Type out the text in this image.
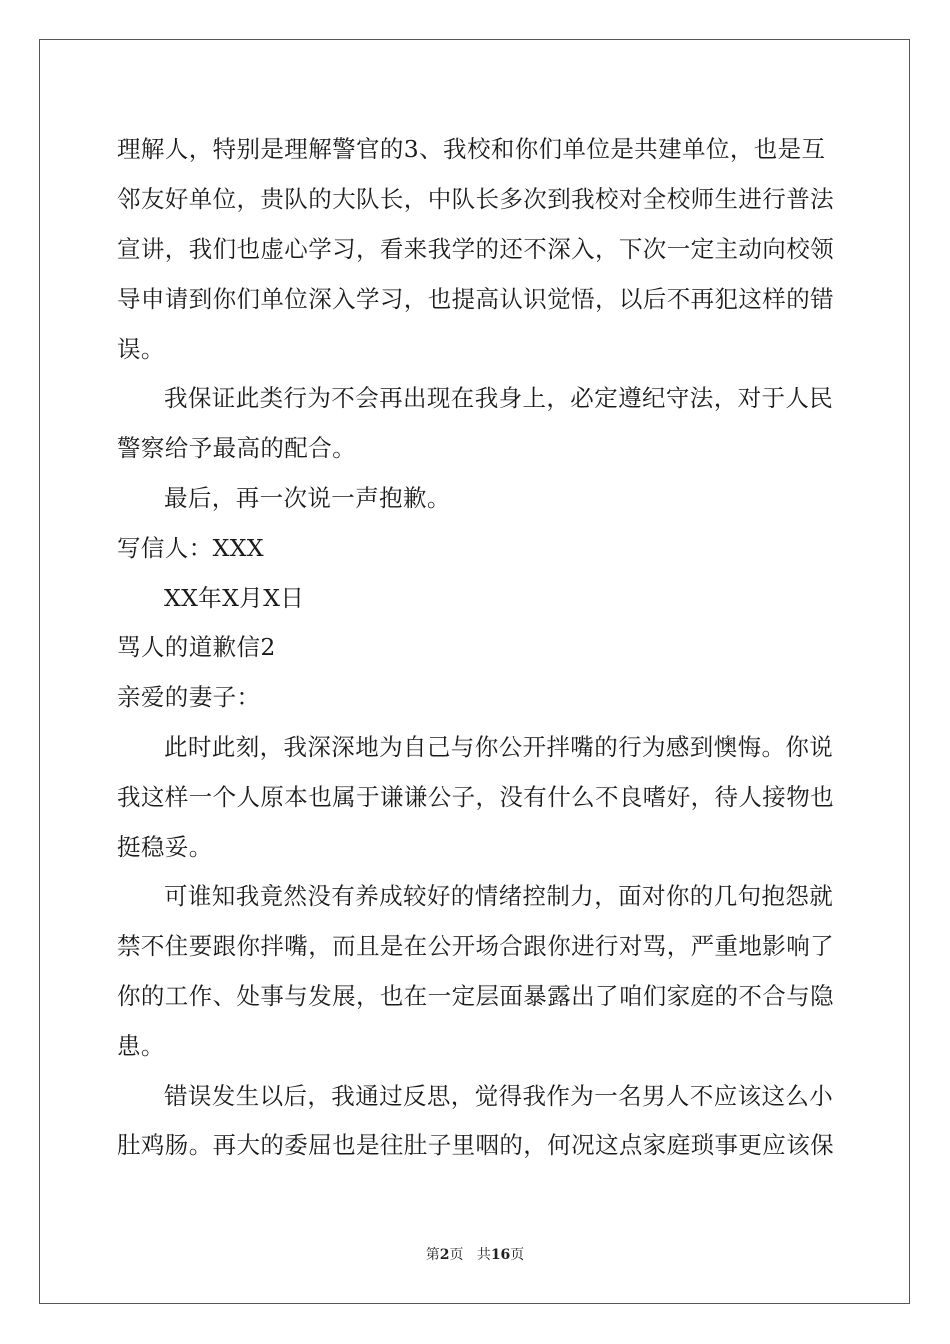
理解人，特别是理解警官的3、我校和你们单位是共建单位，也是互
邻友好单位，贵队的大队长，中队长多次到我校对全校师生进行普法
宣讲，我们也虚心学习，看来我学的还不深入，下次一定主动向校领
导申请到你们单位深入学习，也提高认识觉悟，以后不再犯这样的错
误。
我保证此类行为不会再出现在我身上，必定遵纪守法，对于人民
警察给予最高的配合。
最后，再一次说一声抱歉。
写信人：XXX
XX年X月X日
骂人的道歉信2
亲爱的妻子：
此时此刻，我深深地为自己与你公开拌嘴的行为感到懊悔。你说
我这样一个人原本也属于谦谦公子，没有什么不良嗜好，待人接物也
挺稳妥。
可谁知我竟然没有养成较好的情绪控制力，面对你的几句抱怨就
禁不住要跟你拌嘴，而且是在公开场合跟你进行对骂，严重地影响了
你的工作、处事与发展，也在一定层面暴露出了咱们家庭的不合与隐
患。
错误发生以后，我通过反思，觉得我作为一名男人不应该这么小
肚鸡肠。再大的委屈也是往肚子里咽的，何况这点家庭琐事更应该保
第2页 共16页
